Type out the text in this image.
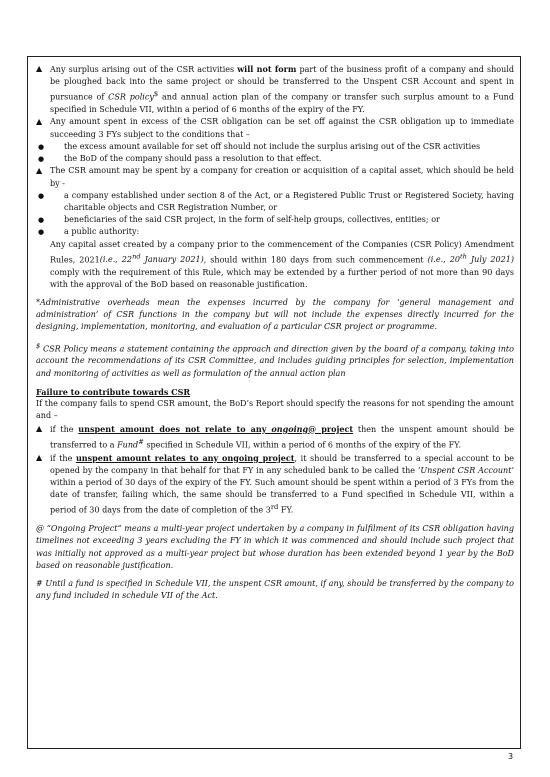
▲ Any surplus arising out of the CSR activities will not form part of the business profit of a company and should be ploughed back into the same project or should be transferred to the Unspent CSR Account and spent in pursuance of CSR policy$ and annual action plan of the company or transfer such surplus amount to a Fund specified in Schedule VII, within a period of 6 months of the expiry of the FY.

▲ Any amount spent in excess of the CSR obligation can be set off against the CSR obligation up to immediate succeeding 3 FYs subject to the conditions that –

●	the excess amount available for set off should not include the surplus arising out of the CSR activities

●	the BoD of the company should pass a resolution to that effect.

▲ The CSR amount may be spent by a company for creation or acquisition of a capital asset, which should be held by -

●	a company established under section 8 of the Act, or a Registered Public Trust or Registered Society, having charitable objects and CSR Registration Number, or

●	beneficiaries of the said CSR project, in the form of self-help groups, collectives, entities; or

●	a public authority:

Any capital asset created by a company prior to the commencement of the Companies (CSR Policy) Amendment Rules, 2021(i.e., 22nd January 2021), should within 180 days from such commencement (i.e., 20th July 2021) comply with the requirement of this Rule, which may be extended by a further period of not more than 90 days with the approval of the BoD based on reasonable justification.

*Administrative overheads mean the expenses incurred by the company for ‘general management and administration’ of CSR functions in the company but will not include the expenses directly incurred for the designing, implementation, monitoring, and evaluation of a particular CSR project or programme.

$ CSR Policy means a statement containing the approach and direction given by the board of a company, taking into account the recommendations of its CSR Committee, and includes guiding principles for selection, implementation and monitoring of activities as well as formulation of the annual action plan

Failure to contribute towards CSR

If the company fails to spend CSR amount, the BoD’s Report should specify the reasons for not spending the amount and –

▲ if the unspent amount does not relate to any ongoing@ project then the unspent amount should be transferred to a Fund# specified in Schedule VII, within a period of 6 months of the expiry of the FY.

▲ if the unspent amount relates to any ongoing project, it should be transferred to a special account to be opened by the company in that behalf for that FY in any scheduled bank to be called the ‘Unspent CSR Account’ within a period of 30 days of the expiry of the FY. Such amount should be spent within a period of 3 FYs from the date of transfer, failing which, the same should be transferred to a Fund specified in Schedule VII, within a period of 30 days from the date of completion of the 3rd FY.

@ “Ongoing Project” means a multi-year project undertaken by a company in fulfilment of its CSR obligation having timelines not exceeding 3 years excluding the FY in which it was commenced and should include such project that was initially not approved as a multi-year project but whose duration has been extended beyond 1 year by the BoD based on reasonable justification.

# Until a fund is specified in Schedule VII, the unspent CSR amount, if any, should be transferred by the company to any fund included in schedule VII of the Act.

3
